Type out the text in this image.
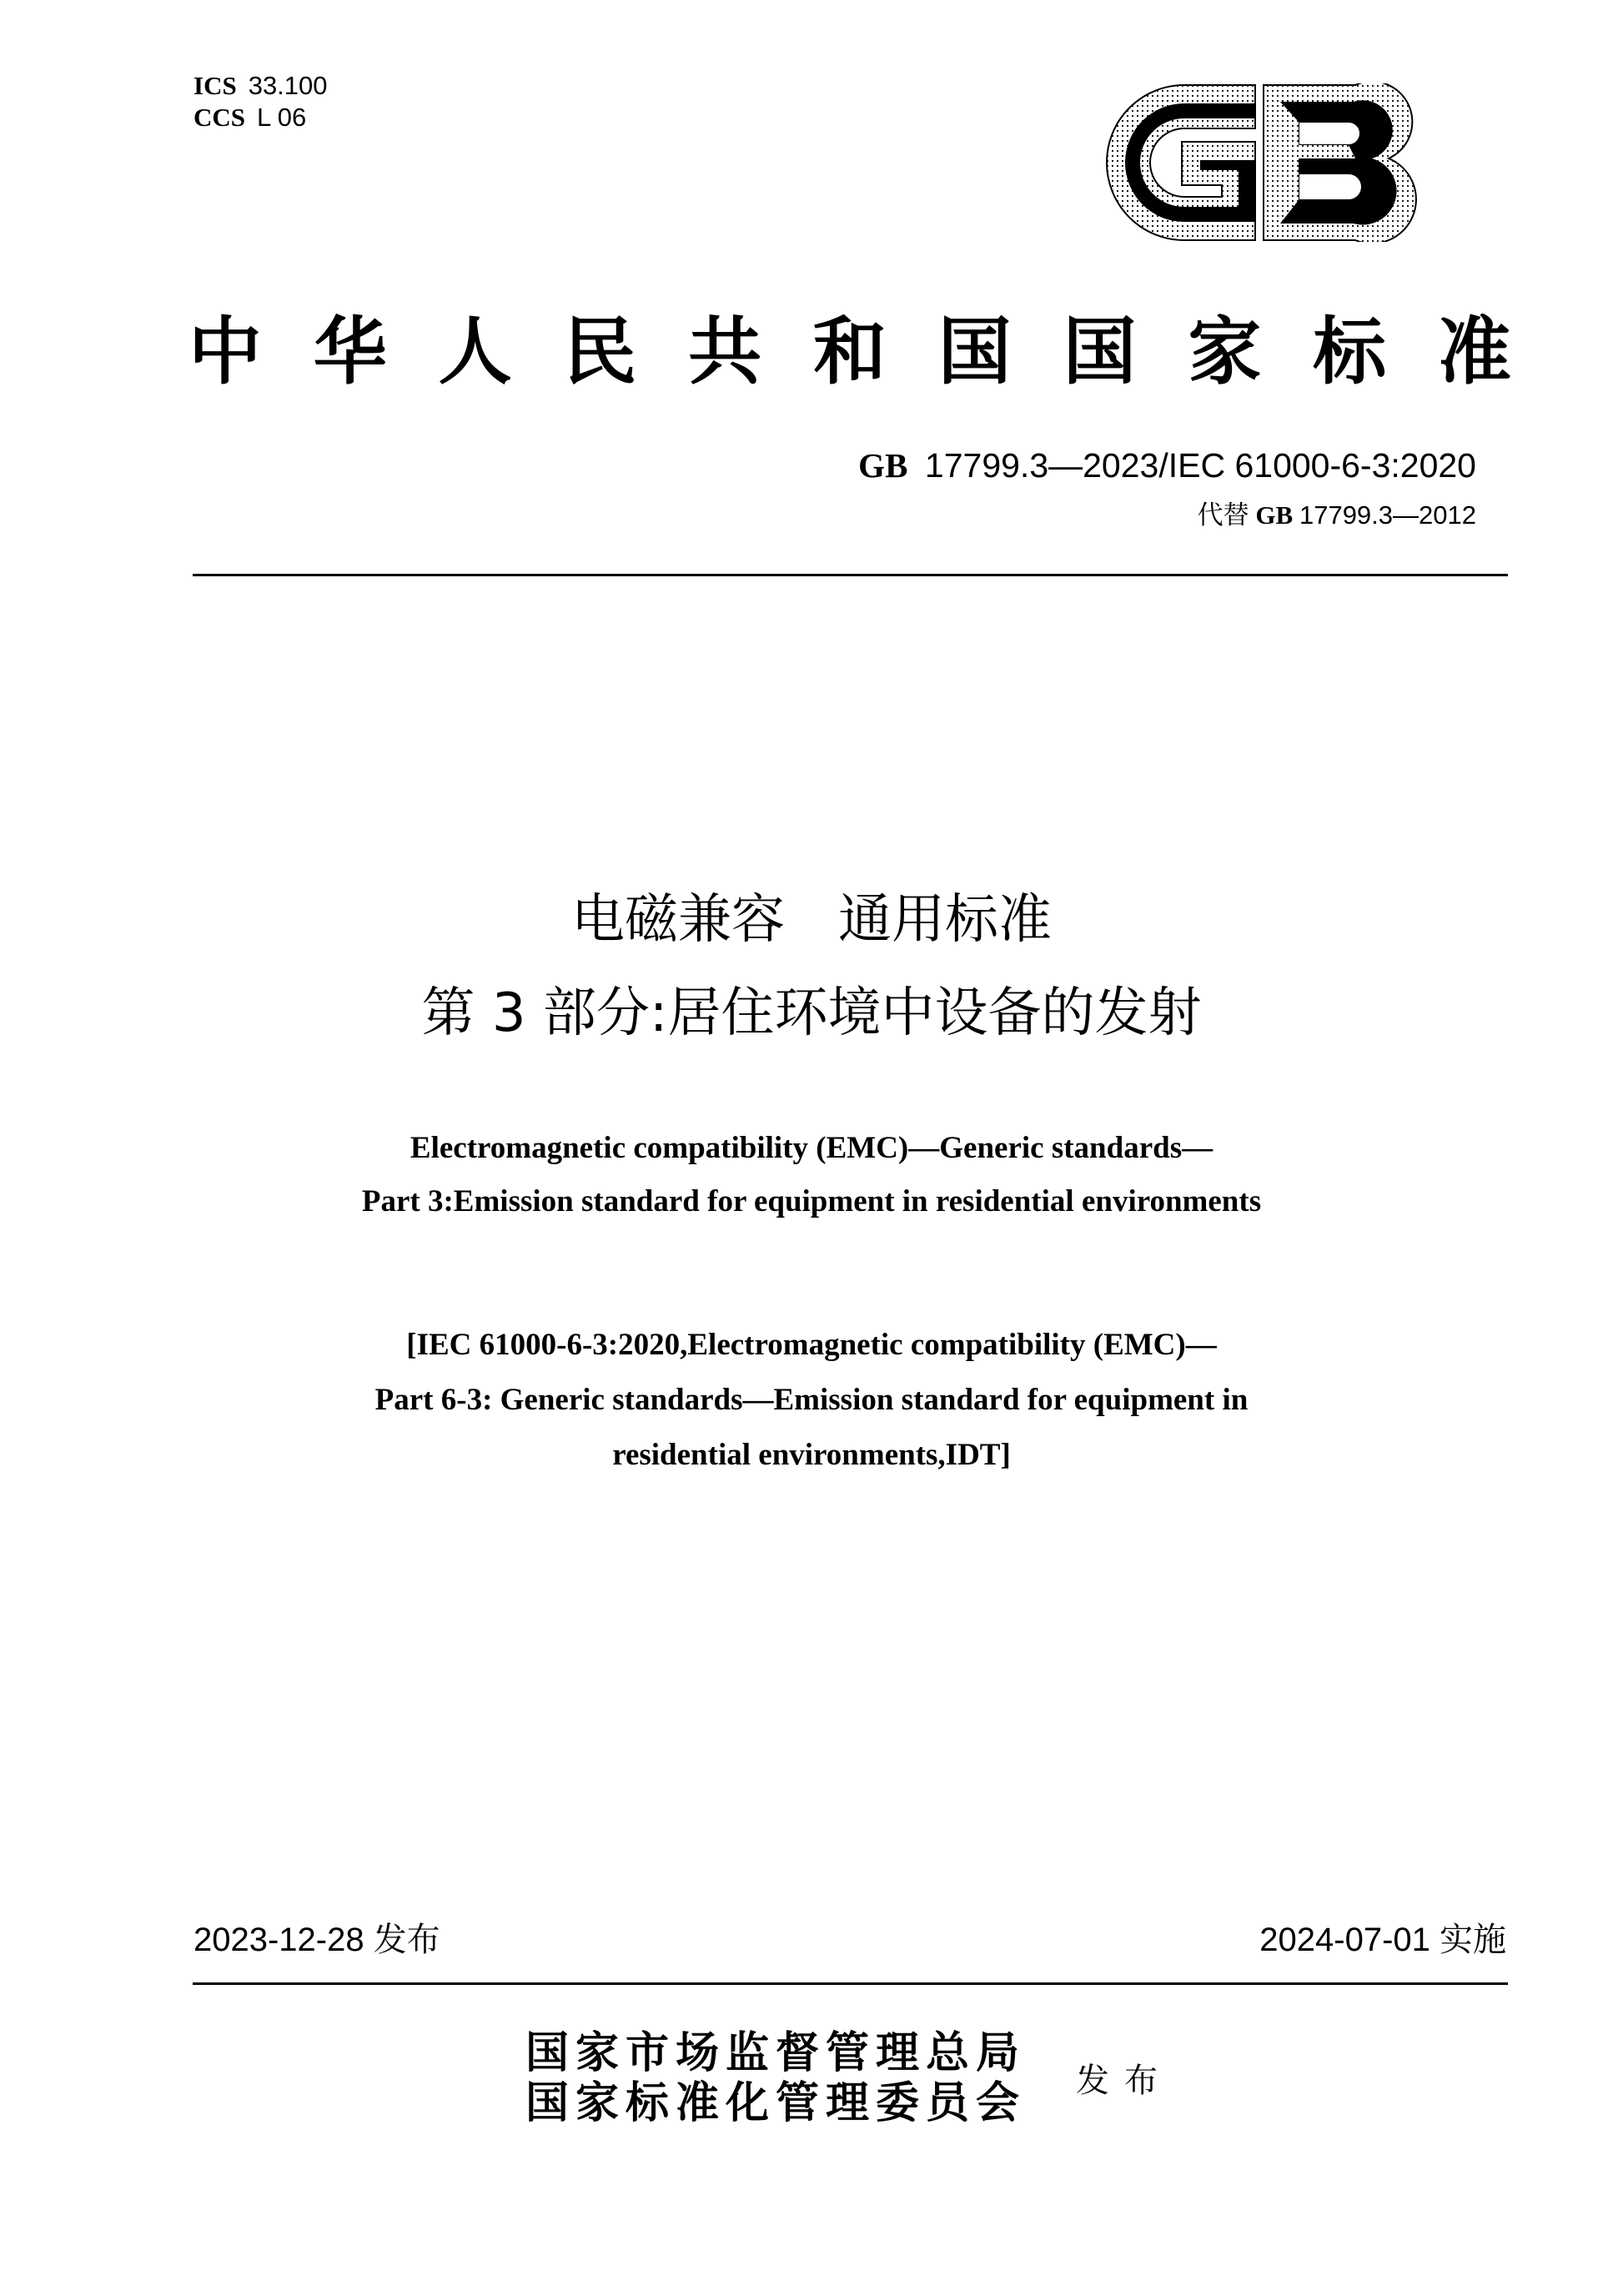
ICS 33.100
CCS L 06
中 华 人 民 共 和 国 国 家 标 准
GB 17799.3—2023/IEC 61000-6-3:2020
代替 GB 17799.3—2012
电磁兼容 通用标准
第 3 部分:居住环境中设备的发射
Electromagnetic compatibility (EMC)—Generic standards—
Part 3:Emission standard for equipment in residential environments
[IEC 61000-6-3:2020,Electromagnetic compatibility (EMC)—
Part 6-3: Generic standards—Emission standard for equipment in
residential environments,IDT]
2023-12-28 发布	2024-07-01 实施
国家市场监督管理总局
国家标准化管理委员会 发布
